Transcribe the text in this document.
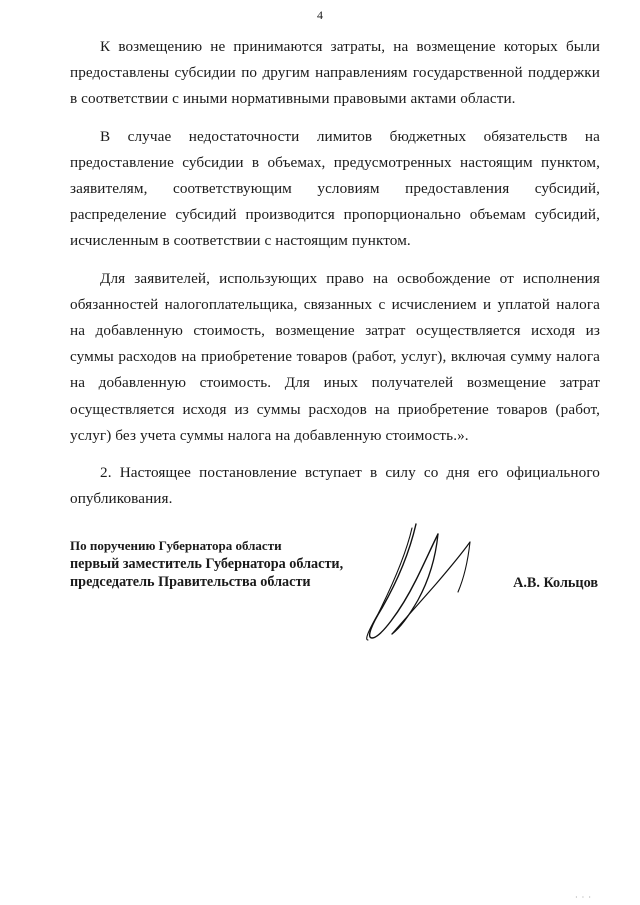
4

К возмещению не принимаются затраты, на возмещение которых были предоставлены субсидии по другим направлениям государственной поддержки в соответствии с иными нормативными правовыми актами области.

В случае недостаточности лимитов бюджетных обязательств на предоставление субсидии в объемах, предусмотренных настоящим пунктом, заявителям, соответствующим условиям предоставления субсидий, распределение субсидий производится пропорционально объемам субсидий, исчисленным в соответствии с настоящим пунктом.

Для заявителей, использующих право на освобождение от исполнения обязанностей налогоплательщика, связанных с исчислением и уплатой налога на добавленную стоимость, возмещение затрат осуществляется исходя из суммы расходов на приобретение товаров (работ, услуг), включая сумму налога на добавленную стоимость. Для иных получателей возмещение затрат осуществляется исходя из суммы расходов на приобретение товаров (работ, услуг) без учета суммы налога на добавленную стоимость.».

2. Настоящее постановление вступает в силу со дня его официального опубликования.

По поручению Губернатора области
первый заместитель Губернатора области,
председатель Правительства области	А.В. Кольцов
· · ·
